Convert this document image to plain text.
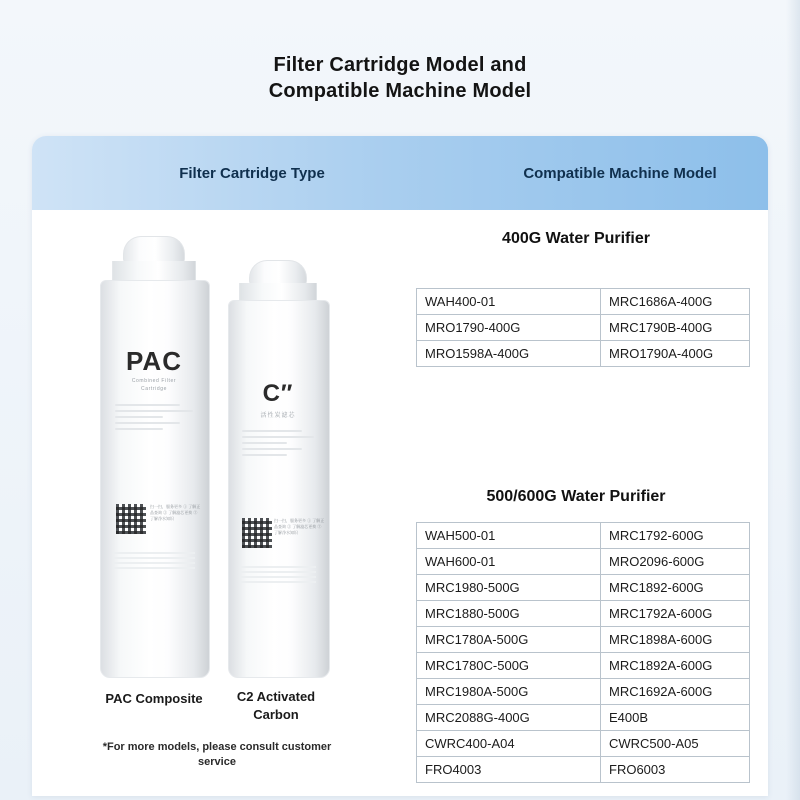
Filter Cartridge Model and
Compatible Machine Model
Filter Cartridge Type	Compatible Machine Model
PAC
Combined Filter
Cartridge
扫一扫，服务更多 ① 了解正品查询 ② 了解滤芯更换 ③ 了解净水知识
C″
活性炭滤芯
扫一扫，服务更多 ① 了解正品查询 ② 了解滤芯更换 ③ 了解净水知识
PAC Composite	C2 Activated
Carbon
*For more models, please consult customer service
400G Water Purifier
WAH400‑01	MRC1686A‑400G
MRO1790‑400G	MRC1790B‑400G
MRO1598A‑400G	MRO1790A‑400G
500/600G Water Purifier
WAH500-01	MRC1792-600G
WAH600-01	MRO2096-600G
MRC1980-500G	MRC1892-600G
MRC1880-500G	MRC1792A-600G
MRC1780A-500G	MRC1898A-600G
MRC1780C-500G	MRC1892A-600G
MRC1980A-500G	MRC1692A-600G
MRC2088G-400G	E400B
CWRC400-A04	CWRC500-A05
FRO4003	FRO6003
